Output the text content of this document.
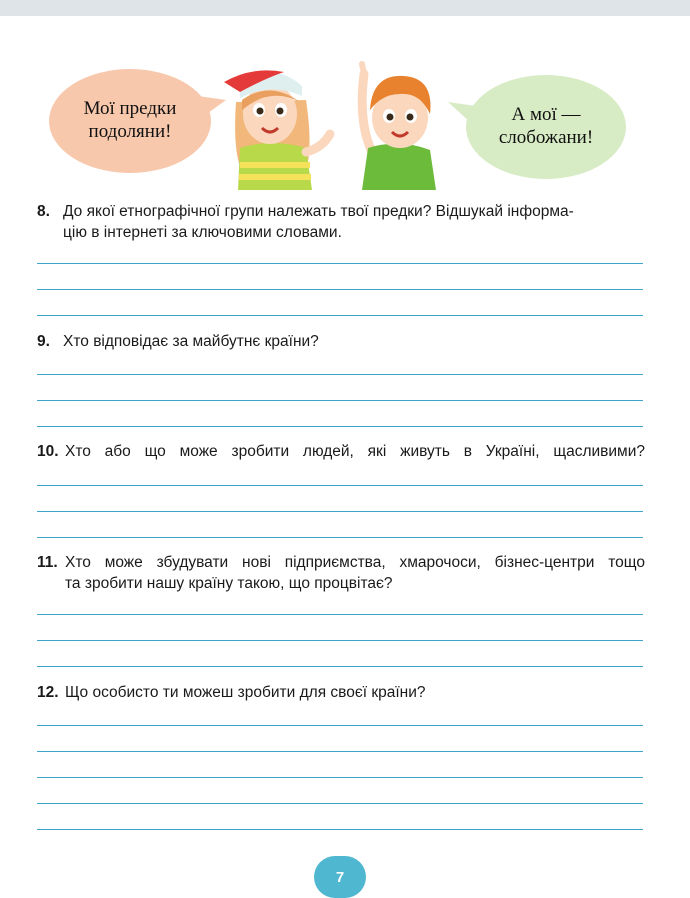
Мої предки
подоляни!
А мої —
слобожани!
8. До якої етнографічної групи належать твої предки? Відшукай інформа-
цію в інтернеті за ключовими словами.
9. Хто відповідає за майбутнє країни?
10. Хто або що може зробити людей, які живуть в Україні, щасливими?
11. Хто може збудувати нові підприємства, хмарочоси, бізнес-центри тощо
та зробити нашу країну такою, що процвітає?
12. Що особисто ти можеш зробити для своєї країни?
7
